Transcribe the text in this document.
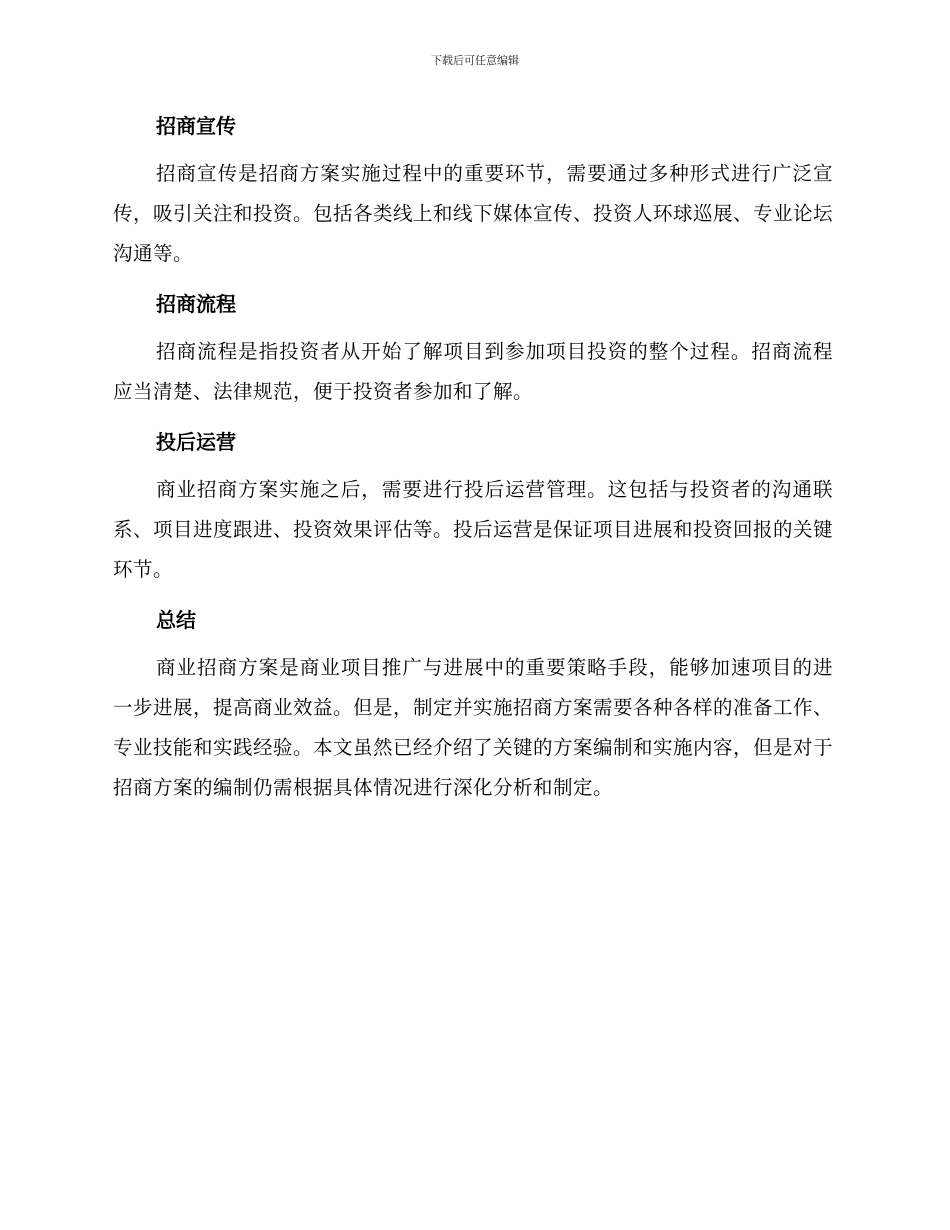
下载后可任意编辑
招商宣传

招商宣传是招商方案实施过程中的重要环节，需要通过多种形式进行广泛宣传，吸引关注和投资。包括各类线上和线下媒体宣传、投资人环球巡展、专业论坛沟通等。

招商流程

招商流程是指投资者从开始了解项目到参加项目投资的整个过程。招商流程应当清楚、法律规范，便于投资者参加和了解。

投后运营

商业招商方案实施之后，需要进行投后运营管理。这包括与投资者的沟通联系、项目进度跟进、投资效果评估等。投后运营是保证项目进展和投资回报的关键环节。

总结

商业招商方案是商业项目推广与进展中的重要策略手段，能够加速项目的进一步进展，提高商业效益。但是，制定并实施招商方案需要各种各样的准备工作、专业技能和实践经验。本文虽然已经介绍了关键的方案编制和实施内容，但是对于招商方案的编制仍需根据具体情况进行深化分析和制定。
